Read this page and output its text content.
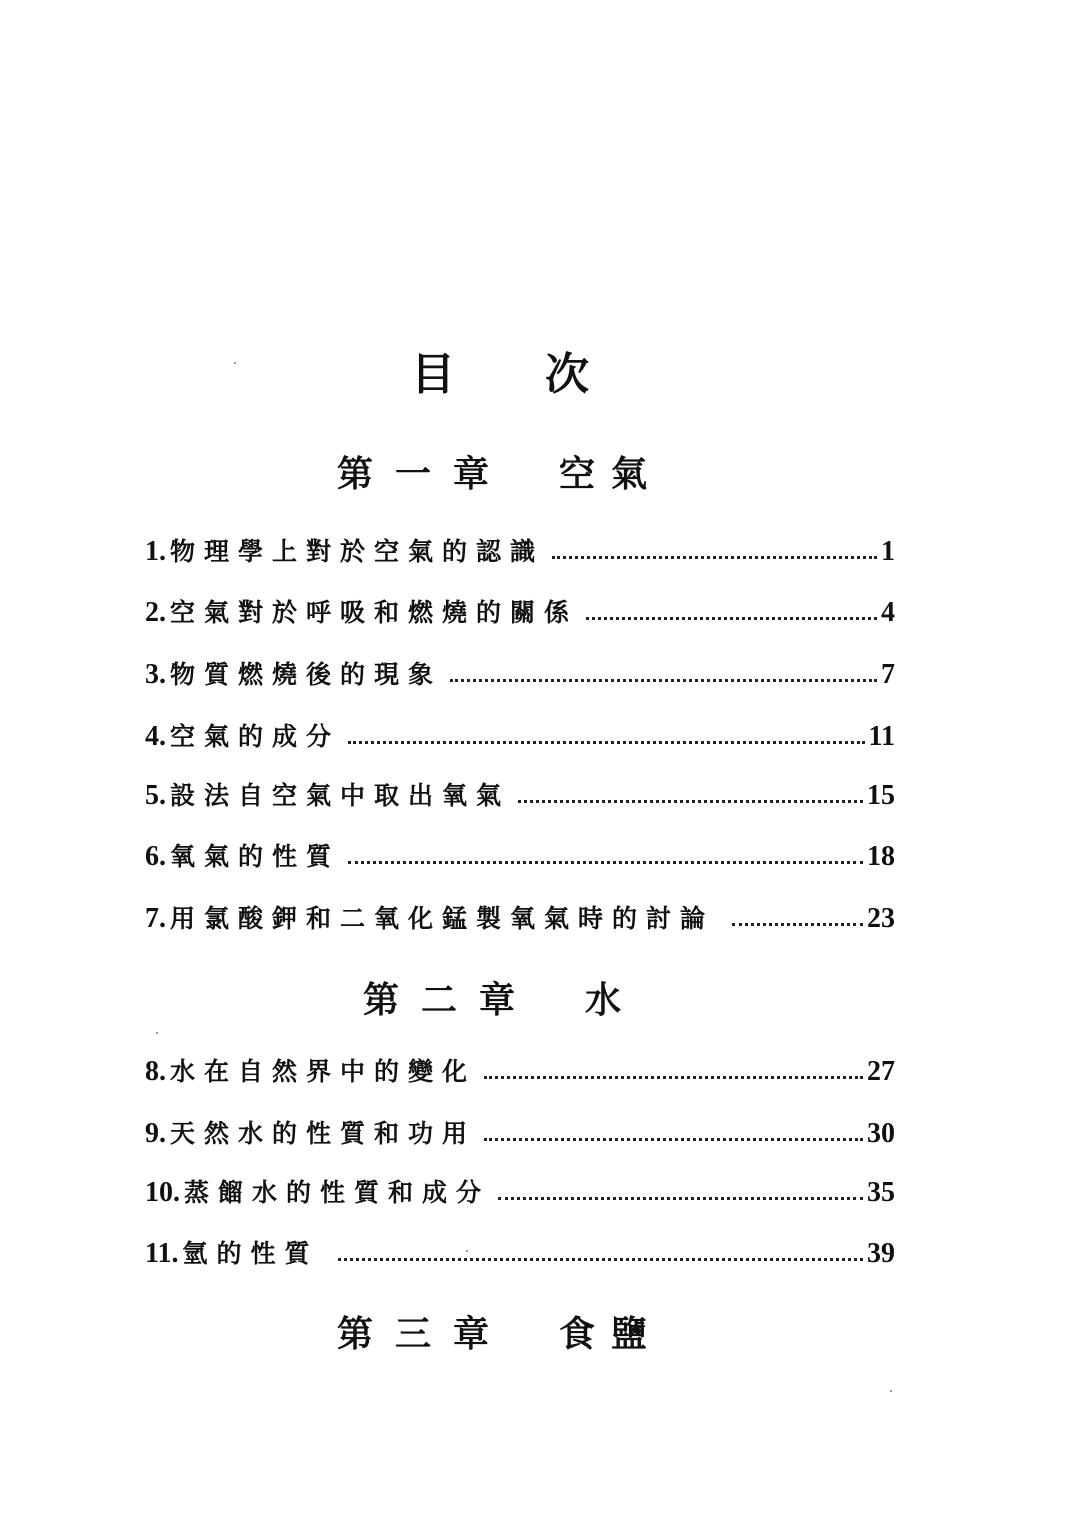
目 次
第一章 空氣
1. 物理學上對於空氣的認識	1
2. 空氣對於呼吸和燃燒的關係	4
3. 物質燃燒後的現象	7
4. 空氣的成分	11
5. 設法自空氣中取出氧氣	15
6. 氧氣的性質	18
7. 用氯酸鉀和二氧化錳製氧氣時的討論	23
第二章 水
8. 水在自然界中的變化	27
9. 天然水的性質和功用	30
10. 蒸餾水的性質和成分	35
11. 氫的性質	39
第三章 食鹽
